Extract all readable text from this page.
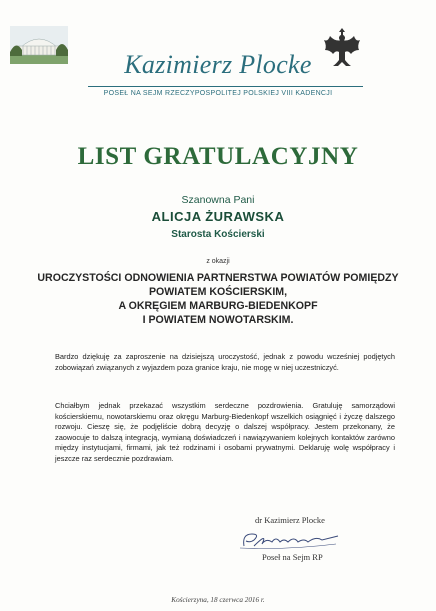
Kazimierz Plocke
POSEŁ NA SEJM RZECZYPOSPOLITEJ POLSKIEJ VIII KADENCJI
LIST GRATULACYJNY
Szanowna Pani
ALICJA ŻURAWSKA
Starosta Kościerski
z okazji
UROCZYSTOŚCI ODNOWIENIA PARTNERSTWA POWIATÓW POMIĘDZY
POWIATEM KOŚCIERSKIM,
A OKRĘGIEM MARBURG-BIEDENKOPF
I POWIATEM NOWOTARSKIM.
Bardzo dziękuję za zaproszenie na dzisiejszą uroczystość, jednak z powodu wcześniej podjętych zobowiązań związanych z wyjazdem poza granice kraju, nie mogę w niej uczestniczyć.
Chciałbym jednak przekazać wszystkim serdeczne pozdrowienia. Gratuluję samorządowi kościerskiemu, nowotarskiemu oraz okręgu Marburg-Biedenkopf wszelkich osiągnięć i życzę dalszego rozwoju. Cieszę się, że podjęliście dobrą decyzję o dalszej współpracy. Jestem przekonany, że zaowocuje to dalszą integracją, wymianą doświadczeń i nawiązywaniem kolejnych kontaktów zarówno między instytucjami, firmami, jak też rodzinami i osobami prywatnymi. Deklaruję wolę współpracy i jeszcze raz serdecznie pozdrawiam.
dr Kazimierz Plocke
Poseł na Sejm RP
Kościerzyna, 18 czerwca 2016 r.
